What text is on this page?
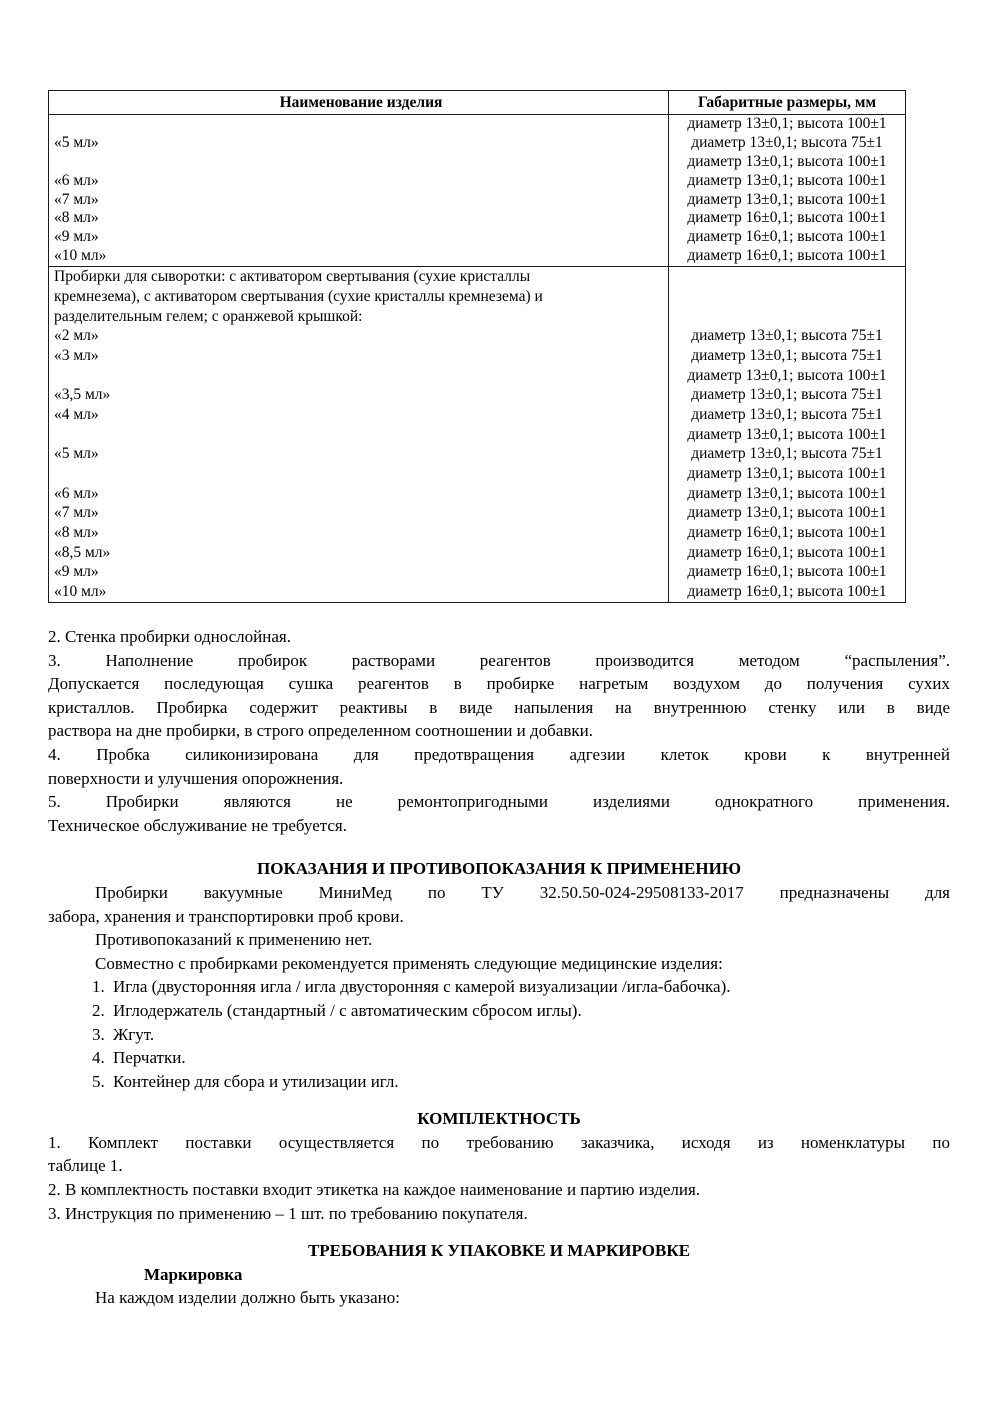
Наименование изделия	Габаритные размеры, мм
«5 мл»
«6 мл»
«7 мл»
«8 мл»
«9 мл»
«10 мл»
диаметр 13±0,1; высота 100±1
диаметр 13±0,1; высота 75±1
диаметр 13±0,1; высота 100±1
диаметр 13±0,1; высота 100±1
диаметр 13±0,1; высота 100±1
диаметр 16±0,1; высота 100±1
диаметр 16±0,1; высота 100±1
диаметр 16±0,1; высота 100±1
Пробирки для сыворотки: с активатором свертывания (сухие кристаллы
кремнезема), с активатором свертывания (сухие кристаллы кремнезема) и
разделительным гелем; с оранжевой крышкой:
«2 мл»
«3 мл»
«3,5 мл»
«4 мл»
«5 мл»
«6 мл»
«7 мл»
«8 мл»
«8,5 мл»
«9 мл»
«10 мл»
диаметр 13±0,1; высота 75±1
диаметр 13±0,1; высота 75±1
диаметр 13±0,1; высота 100±1
диаметр 13±0,1; высота 75±1
диаметр 13±0,1; высота 75±1
диаметр 13±0,1; высота 100±1
диаметр 13±0,1; высота 75±1
диаметр 13±0,1; высота 100±1
диаметр 13±0,1; высота 100±1
диаметр 13±0,1; высота 100±1
диаметр 16±0,1; высота 100±1
диаметр 16±0,1; высота 100±1
диаметр 16±0,1; высота 100±1
диаметр 16±0,1; высота 100±1
2. Стенка пробирки однослойная.
3. Наполнение пробирок растворами реагентов производится методом “распыления”.
Допускается последующая сушка реагентов в пробирке нагретым воздухом до получения сухих
кристаллов. Пробирка содержит реактивы в виде напыления на внутреннюю стенку или в виде
раствора на дне пробирки, в строго определенном соотношении и добавки.
4. Пробка силиконизирована для предотвращения адгезии клеток крови к внутренней
поверхности и улучшения опорожнения.
5. Пробирки являются не ремонтопригодными изделиями однократного применения.
Техническое обслуживание не требуется.
ПОКАЗАНИЯ И ПРОТИВОПОКАЗАНИЯ К ПРИМЕНЕНИЮ
Пробирки вакуумные МиниМед по ТУ 32.50.50-024-29508133-2017 предназначены для
забора, хранения и транспортировки проб крови.
Противопоказаний к применению нет.
Совместно с пробирками рекомендуется применять следующие медицинские изделия:
1. Игла (двусторонняя игла / игла двусторонняя с камерой визуализации /игла-бабочка).
2. Иглодержатель (стандартный / с автоматическим сбросом иглы).
3. Жгут.
4. Перчатки.
5. Контейнер для сбора и утилизации игл.
КОМПЛЕКТНОСТЬ
1. Комплект поставки осуществляется по требованию заказчика, исходя из номенклатуры по
таблице 1.
2. В комплектность поставки входит этикетка на каждое наименование и партию изделия.
3. Инструкция по применению – 1 шт. по требованию покупателя.
ТРЕБОВАНИЯ К УПАКОВКЕ И МАРКИРОВКЕ
Маркировка
На каждом изделии должно быть указано:
